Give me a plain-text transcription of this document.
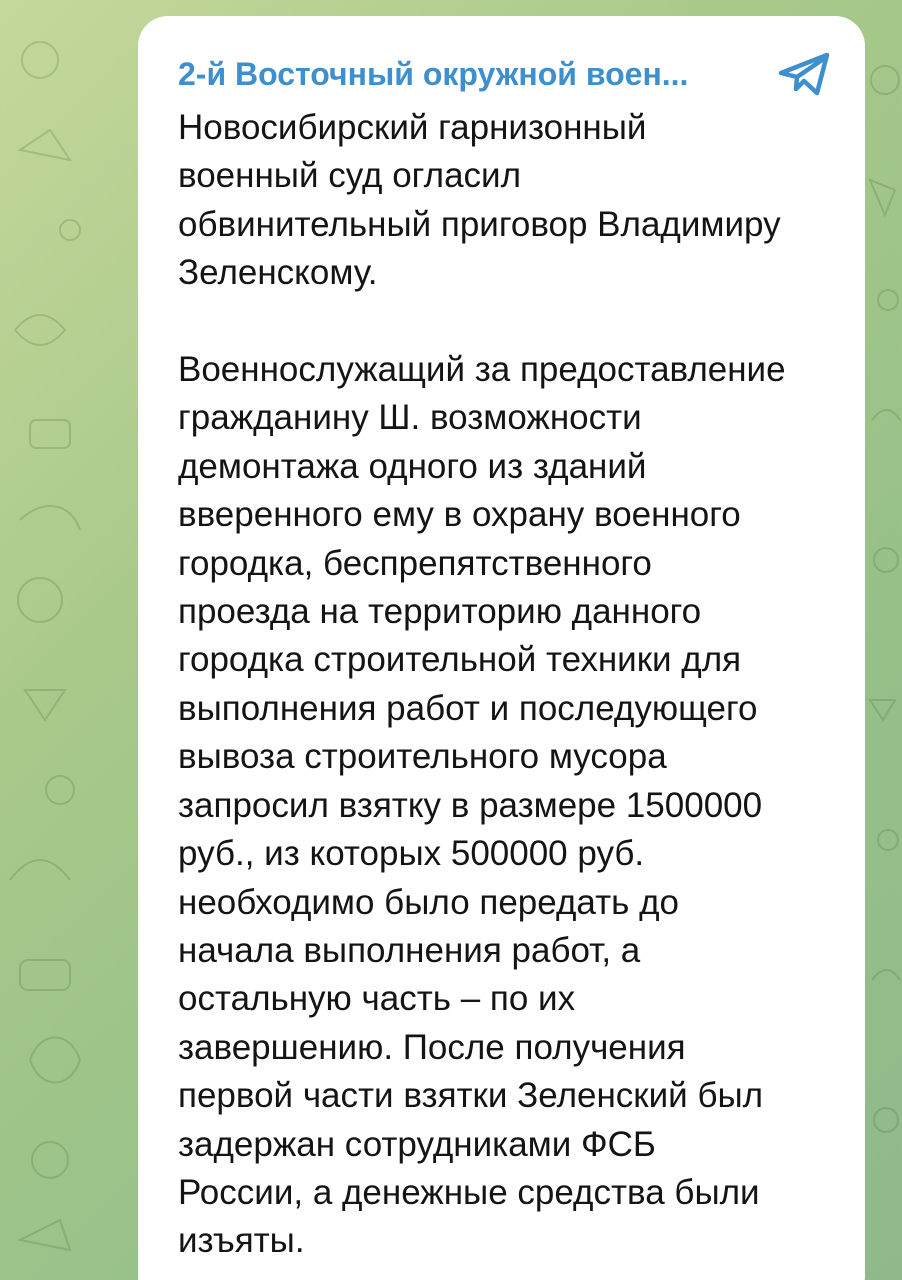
2-й Восточный окружной воен...

Новосибирский гарнизонный
военный суд огласил
обвинительный приговор Владимиру
Зеленскому.

Военнослужащий за предоставление
гражданину Ш. возможности
демонтажа одного из зданий
вверенного ему в охрану военного
городка, беспрепятственного
проезда на территорию данного
городка строительной техники для
выполнения работ и последующего
вывоза строительного мусора
запросил взятку в размере 1500000
руб., из которых 500000 руб.
необходимо было передать до
начала выполнения работ, а
остальную часть – по их
завершению. После получения
первой части взятки Зеленский был
задержан сотрудниками ФСБ
России, а денежные средства были
изъяты.
